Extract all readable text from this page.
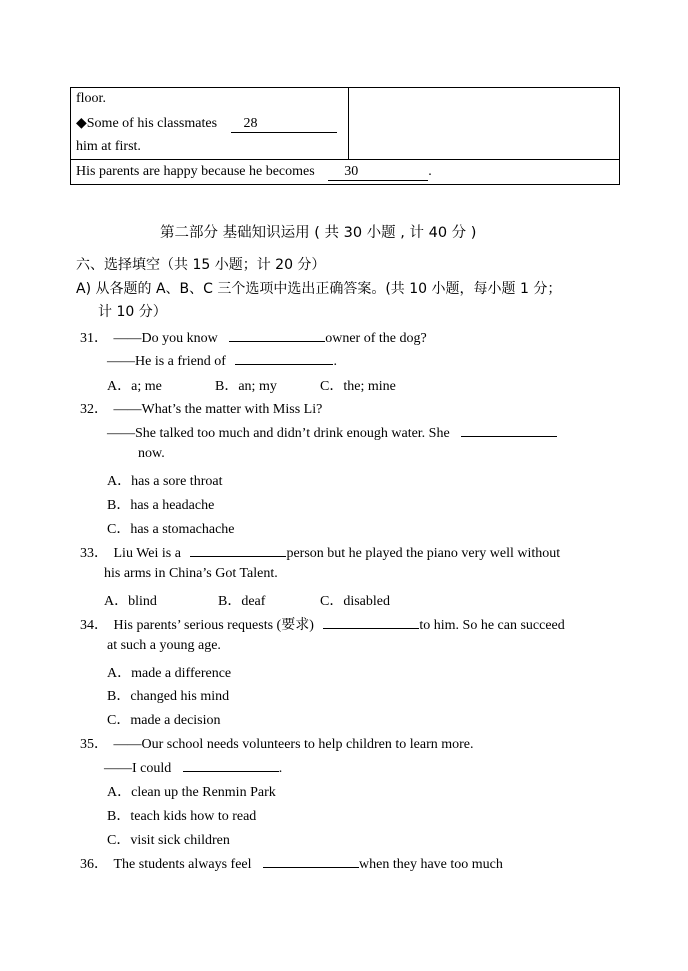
floor.
◆Some of his classmates 28
him at first.

His parents are happy because he becomes 30	.
第二部分 基础知识运用 ( 共 30 小题 , 计 40 分 )
六、选择填空（共 15 小题；计 20 分）
A) 从各题的 A、B、C 三个选项中选出正确答案。(共 10 小题，每小题 1 分；
计 10 分）
31． ——Do you know	owner of the dog?
——He is a friend of	.
A．a; me	B．an; my	C．the; mine
32． ——What’s the matter with Miss Li?
——She talked too much and didn’t drink enough water. She
now.
A．has a sore throat
B．has a headache
C．has a stomachache
33． Liu Wei is a	person but he played the piano very well without
his arms in China’s Got Talent.
A．blind	B．deaf	C．disabled
34． His parents’ serious requests (要求)	to him. So he can succeed
at such a young age.
A．made a difference
B．changed his mind
C．made a decision
35． ——Our school needs volunteers to help children to learn more.
——I could	.
A．clean up the Renmin Park
B．teach kids how to read
C．visit sick children
36． The students always feel	when they have too much
